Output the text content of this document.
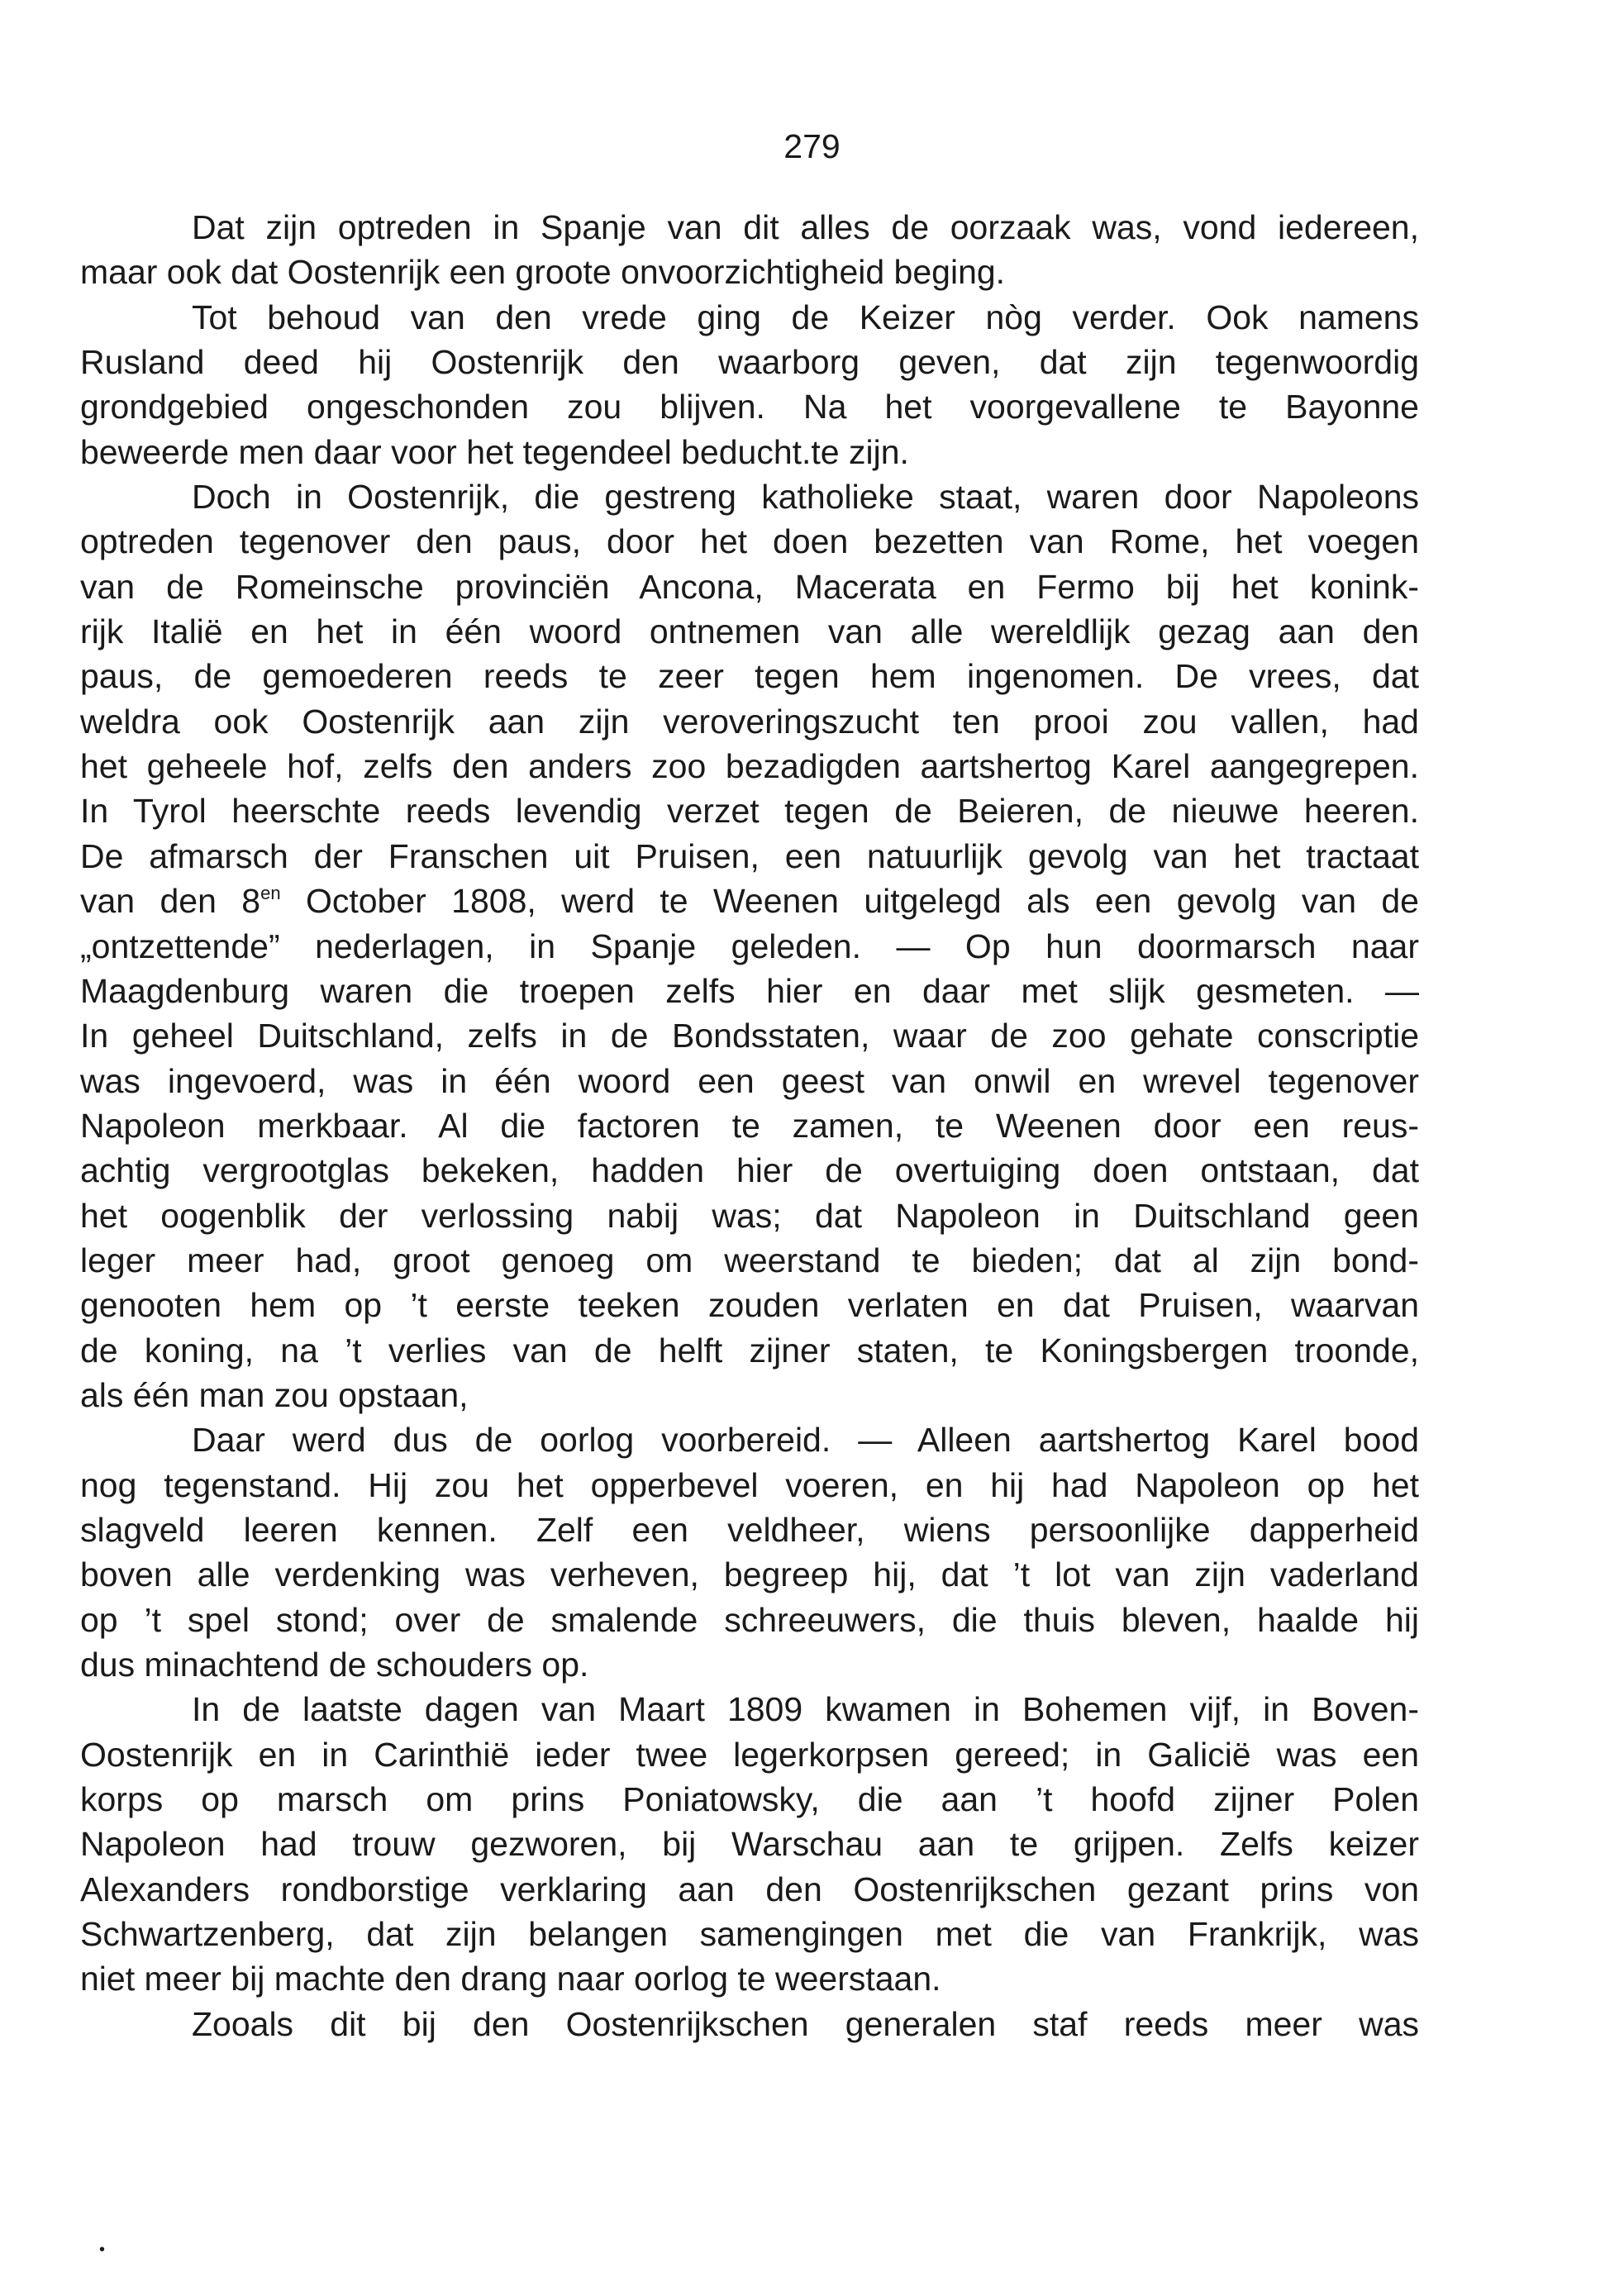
279
Dat zijn optreden in Spanje van dit alles de oorzaak was, vond iedereen,
maar ook dat Oostenrijk een groote onvoorzichtigheid beging.
Tot behoud van den vrede ging de Keizer nòg verder. Ook namens
Rusland deed hij Oostenrijk den waarborg geven, dat zijn tegenwoordig
grondgebied ongeschonden zou blijven. Na het voorgevallene te Bayonne
beweerde men daar voor het tegendeel beducht.te zijn.
Doch in Oostenrijk, die gestreng katholieke staat, waren door Napoleons
optreden tegenover den paus, door het doen bezetten van Rome, het voegen
van de Romeinsche provinciën Ancona, Macerata en Fermo bij het konink-
rijk Italië en het in één woord ontnemen van alle wereldlijk gezag aan den
paus, de gemoederen reeds te zeer tegen hem ingenomen. De vrees, dat
weldra ook Oostenrijk aan zijn veroveringszucht ten prooi zou vallen, had
het geheele hof, zelfs den anders zoo bezadigden aartshertog Karel aangegrepen.
In Tyrol heerschte reeds levendig verzet tegen de Beieren, de nieuwe heeren.
De afmarsch der Franschen uit Pruisen, een natuurlijk gevolg van het tractaat
van den $8^{en}$ October 1808, werd te Weenen uitgelegd als een gevolg van de
„ontzettende” nederlagen, in Spanje geleden. — Op hun doormarsch naar
Maagdenburg waren die troepen zelfs hier en daar met slijk gesmeten. —
In geheel Duitschland, zelfs in de Bondsstaten, waar de zoo gehate conscriptie
was ingevoerd, was in één woord een geest van onwil en wrevel tegenover
Napoleon merkbaar. Al die factoren te zamen, te Weenen door een reus-
achtig vergrootglas bekeken, hadden hier de overtuiging doen ontstaan, dat
het oogenblik der verlossing nabij was; dat Napoleon in Duitschland geen
leger meer had, groot genoeg om weerstand te bieden; dat al zijn bond-
genooten hem op ’t eerste teeken zouden verlaten en dat Pruisen, waarvan
de koning, na ’t verlies van de helft zijner staten, te Koningsbergen troonde,
als één man zou opstaan,
Daar werd dus de oorlog voorbereid. — Alleen aartshertog Karel bood
nog tegenstand. Hij zou het opperbevel voeren, en hij had Napoleon op het
slagveld leeren kennen. Zelf een veldheer, wiens persoonlijke dapperheid
boven alle verdenking was verheven, begreep hij, dat ’t lot van zijn vaderland
op ’t spel stond; over de smalende schreeuwers, die thuis bleven, haalde hij
dus minachtend de schouders op.
In de laatste dagen van Maart 1809 kwamen in Bohemen vijf, in Boven-
Oostenrijk en in Carinthië ieder twee legerkorpsen gereed; in Galicië was een
korps op marsch om prins Poniatowsky, die aan ’t hoofd zijner Polen
Napoleon had trouw gezworen, bij Warschau aan te grijpen. Zelfs keizer
Alexanders rondborstige verklaring aan den Oostenrijkschen gezant prins von
Schwartzenberg, dat zijn belangen samengingen met die van Frankrijk, was
niet meer bij machte den drang naar oorlog te weerstaan.
Zooals dit bij den Oostenrijkschen generalen staf reeds meer was
•
